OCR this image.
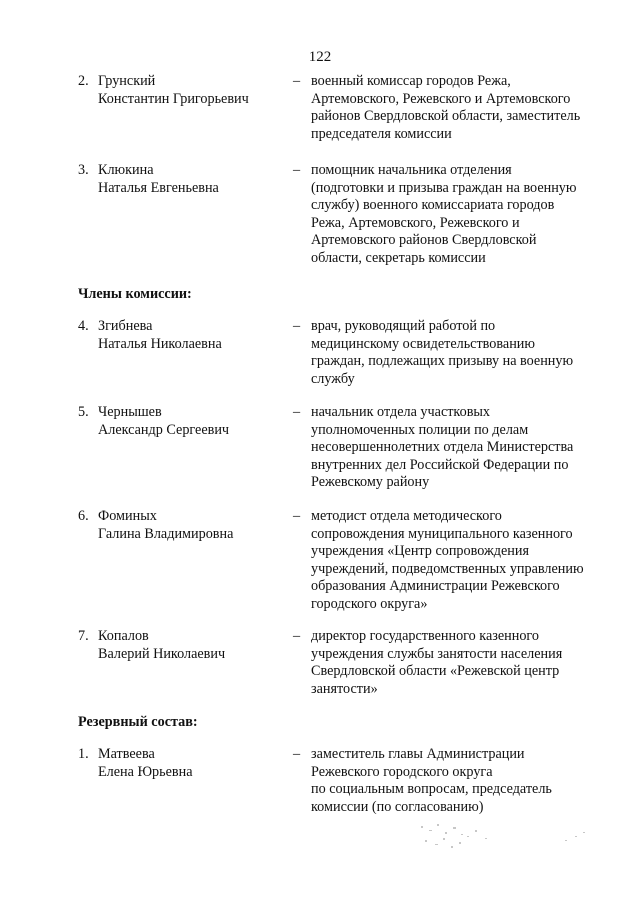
122
2. Грунский
Константин Григорьевич
– военный комиссар городов Режа,
Артемовского, Режевского и Артемовского
районов Свердловской области, заместитель
председателя комиссии
3. Клюкина
Наталья Евгеньевна
– помощник начальника отделения
(подготовки и призыва граждан на военную
службу) военного комиссариата городов
Режа, Артемовского, Режевского и
Артемовского районов Свердловской
области, секретарь комиссии
Члены комиссии:
4. Згибнева
Наталья Николаевна
– врач, руководящий работой по
медицинскому освидетельствованию
граждан, подлежащих призыву на военную
службу
5. Чернышев
Александр Сергеевич
– начальник отдела участковых
уполномоченных полиции по делам
несовершеннолетних отдела Министерства
внутренних дел Российской Федерации по
Режевскому району
6. Фоминых
Галина Владимировна
– методист отдела методического
сопровождения муниципального казенного
учреждения «Центр сопровождения
учреждений, подведомственных управлению
образования Администрации Режевского
городского округа»
7. Копалов
Валерий Николаевич
– директор государственного казенного
учреждения службы занятости населения
Свердловской области «Режевской центр
занятости»
Резервный состав:
1. Матвеева
Елена Юрьевна
– заместитель главы Администрации
Режевского городского округа
по социальным вопросам, председатель
комиссии (по согласованию)
